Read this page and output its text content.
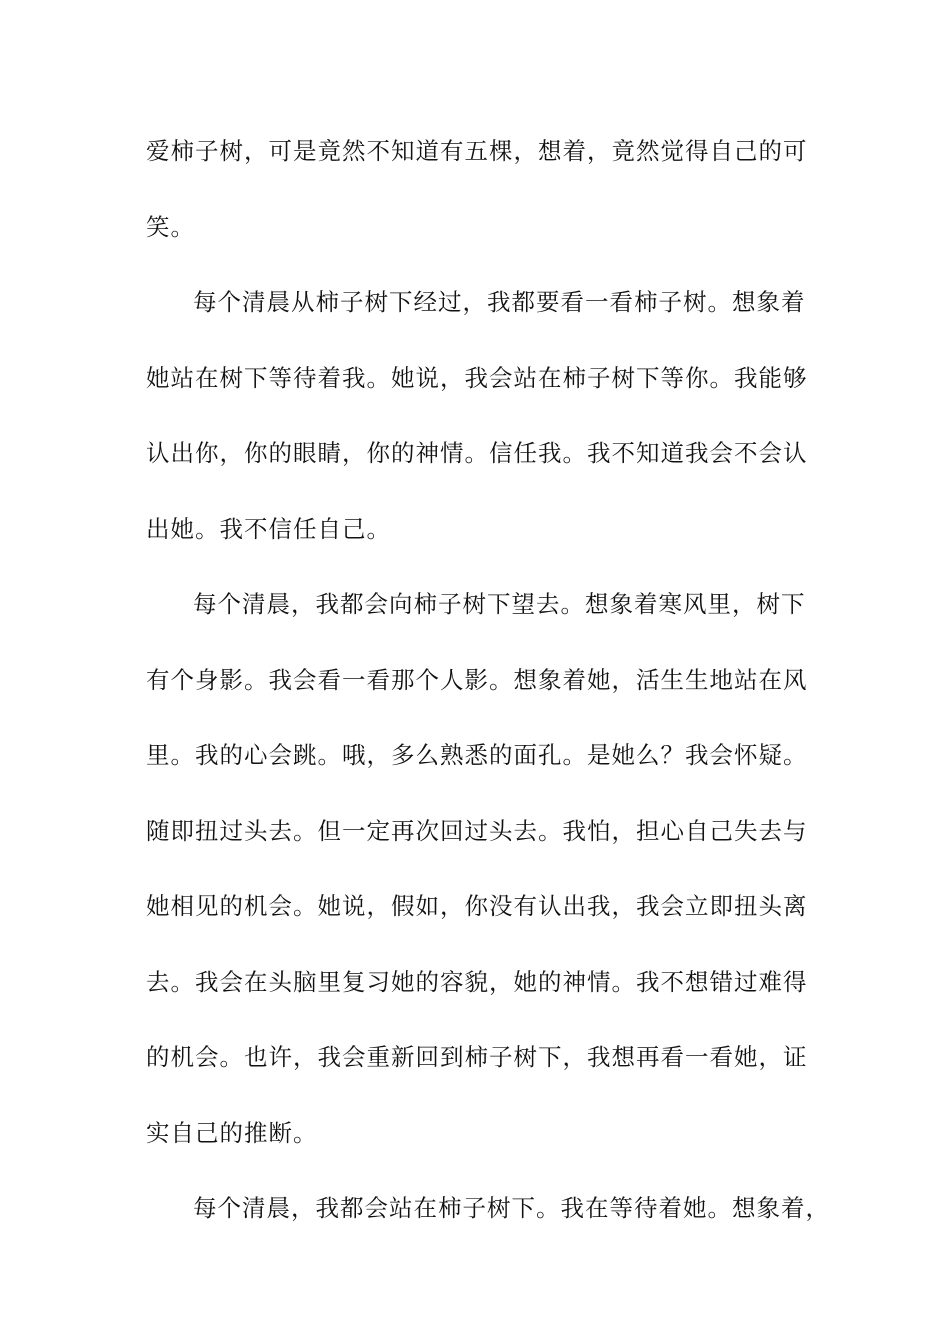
爱柿子树，可是竟然不知道有五棵，想着，竟然觉得自己的可
笑。
每个清晨从柿子树下经过，我都要看一看柿子树。想象着
她站在树下等待着我。她说，我会站在柿子树下等你。我能够
认出你，你的眼睛，你的神情。信任我。我不知道我会不会认
出她。我不信任自己。
每个清晨，我都会向柿子树下望去。想象着寒风里，树下
有个身影。我会看一看那个人影。想象着她，活生生地站在风
里。我的心会跳。哦，多么熟悉的面孔。是她么？我会怀疑。
随即扭过头去。但一定再次回过头去。我怕，担心自己失去与
她相见的机会。她说，假如，你没有认出我，我会立即扭头离
去。我会在头脑里复习她的容貌，她的神情。我不想错过难得
的机会。也许，我会重新回到柿子树下，我想再看一看她，证
实自己的推断。
每个清晨，我都会站在柿子树下。我在等待着她。想象着，
